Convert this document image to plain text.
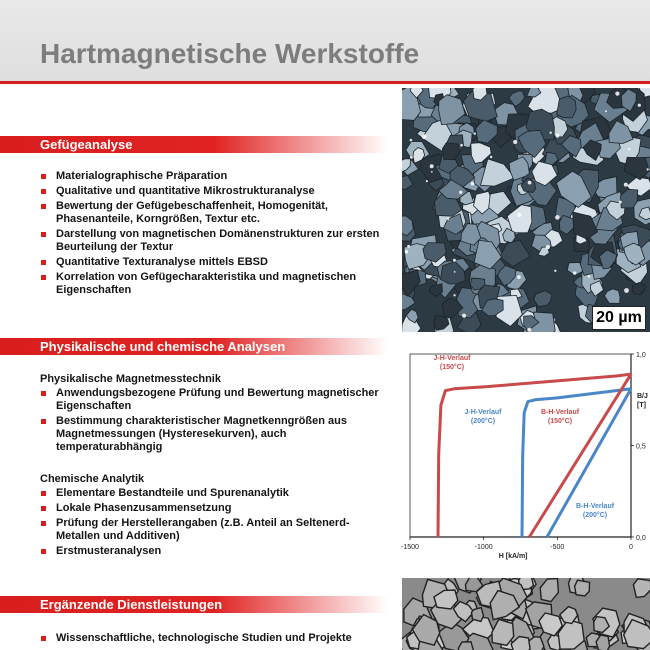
Hartmagnetische Werkstoffe
Gefügeanalyse
Materialographische Präparation
Qualitative und quantitative Mikrostrukturanalyse
Bewertung der Gefügebeschaffenheit, Homogenität, Phasenanteile, Korngrößen, Textur etc.
Darstellung von magnetischen Domänenstrukturen zur ersten Beurteilung der Textur
Quantitative Texturanalyse mittels EBSD
Korrelation von Gefügecharakteristika und magnetischen Eigenschaften
Physikalische und chemische Analysen
Physikalische Magnetmesstechnik
Anwendungsbezogene Prüfung und Bewertung magnetischer Eigenschaften
Bestimmung charakteristischer Magnetkenngrößen aus Magnetmessungen (Hysteresekurven), auch temperaturabhängig
Chemische Analytik
Elementare Bestandteile und Spurenanalytik
Lokale Phasenzusammensetzung
Prüfung der Herstellerangaben (z.B. Anteil an Seltenerd-Metallen und Additiven)
Erstmusteranalysen
Ergänzende Dienstleistungen
Wissenschaftliche, technologische Studien und Projekte
20 µm
-1500	-1000	-500	0
0,0
0,5
1,0
H [kA/m]
B/J
[T]
J-H-Verlauf
(150°C)
J-H-Verlauf
(200°C)
B-H-Verlauf
(150°C)
B-H-Verlauf
(200°C)
